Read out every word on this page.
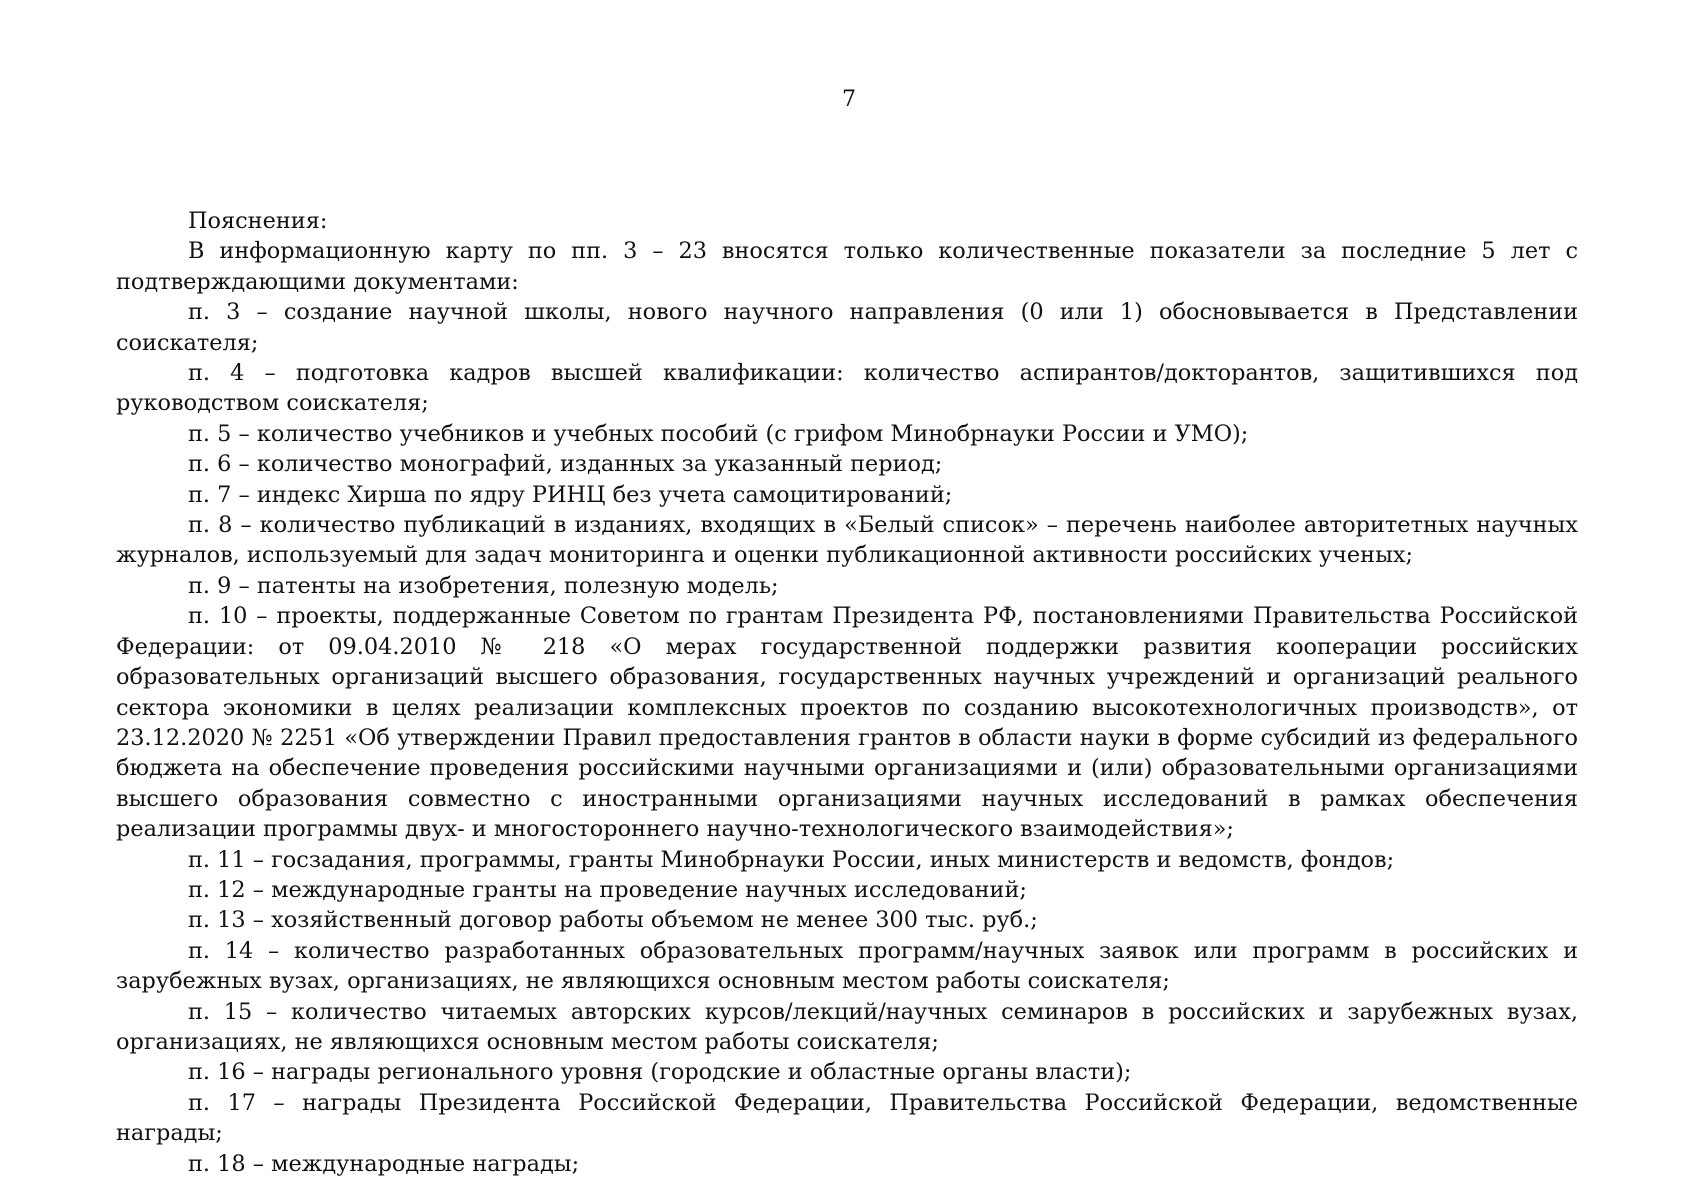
7

Пояснения:

В информационную карту по пп. 3 – 23 вносятся только количественные показатели за последние 5 лет с подтверждающими документами:

п. 3 – создание научной школы, нового научного направления (0 или 1) обосновывается в Представлении соискателя;

п. 4 – подготовка кадров высшей квалификации: количество аспирантов/докторантов, защитившихся под руководством соискателя;

п. 5 – количество учебников и учебных пособий (с грифом Минобрнауки России и УМО);

п. 6 – количество монографий, изданных за указанный период;

п. 7 – индекс Хирша по ядру РИНЦ без учета самоцитирований;

п. 8 – количество публикаций в изданиях, входящих в «Белый список» – перечень наиболее авторитетных научных журналов, используемый для задач мониторинга и оценки публикационной активности российских ученых;

п. 9 – патенты на изобретения, полезную модель;

п. 10 – проекты, поддержанные Советом по грантам Президента РФ, постановлениями Правительства Российской Федерации: от 09.04.2010 № 218 «О мерах государственной поддержки развития кооперации российских образовательных организаций высшего образования, государственных научных учреждений и организаций реального сектора экономики в целях реализации комплексных проектов по созданию высокотехнологичных производств», от 23.12.2020 № 2251 «Об утверждении Правил предоставления грантов в области науки в форме субсидий из федерального бюджета на обеспечение проведения российскими научными организациями и (или) образовательными организациями высшего образования совместно с иностранными организациями научных исследований в рамках обеспечения реализации программы двух- и многостороннего научно-технологического взаимодействия»;

п. 11 – госзадания, программы, гранты Минобрнауки России, иных министерств и ведомств, фондов;

п. 12 – международные гранты на проведение научных исследований;

п. 13 – хозяйственный договор работы объемом не менее 300 тыс. руб.;

п. 14 – количество разработанных образовательных программ/научных заявок или программ в российских и зарубежных вузах, организациях, не являющихся основным местом работы соискателя;

п. 15 – количество читаемых авторских курсов/лекций/научных семинаров в российских и зарубежных вузах, организациях, не являющихся основным местом работы соискателя;

п. 16 – награды регионального уровня (городские и областные органы власти);

п. 17 – награды Президента Российской Федерации, Правительства Российской Федерации, ведомственные награды;

п. 18 – международные награды;
